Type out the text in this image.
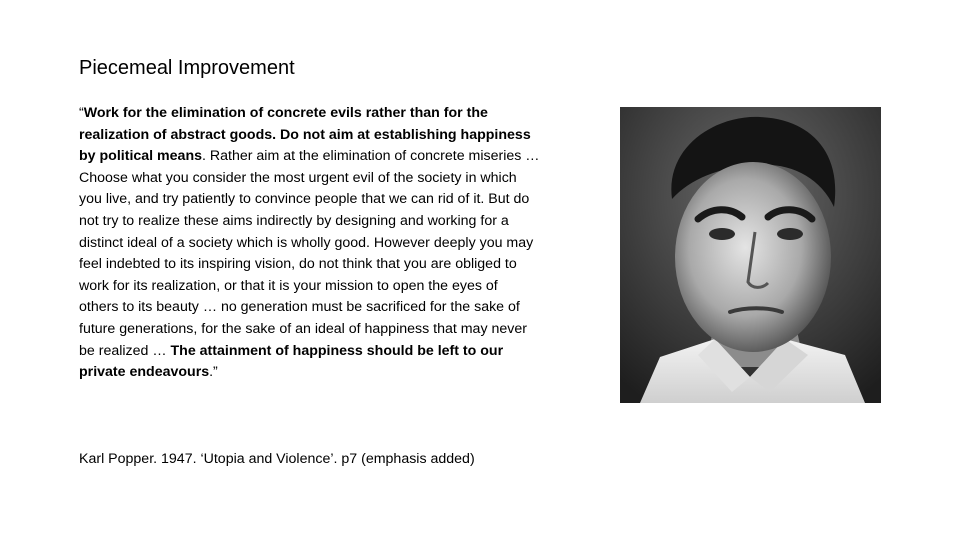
Piecemeal Improvement

“Work for the elimination of concrete evils rather than for the realization of abstract goods. Do not aim at establishing happiness by political means. Rather aim at the elimination of concrete miseries … Choose what you consider the most urgent evil of the society in which you live, and try patiently to convince people that we can rid of it. But do not try to realize these aims indirectly by designing and working for a distinct ideal of a society which is wholly good. However deeply you may feel indebted to its inspiring vision, do not think that you are obliged to work for its realization, or that it is your mission to open the eyes of others to its beauty … no generation must be sacrificed for the sake of future generations, for the sake of an ideal of happiness that may never be realized … The attainment of happiness should be left to our private endeavours.”

Karl Popper. 1947. ‘Utopia and Violence’. p7 (emphasis added)
